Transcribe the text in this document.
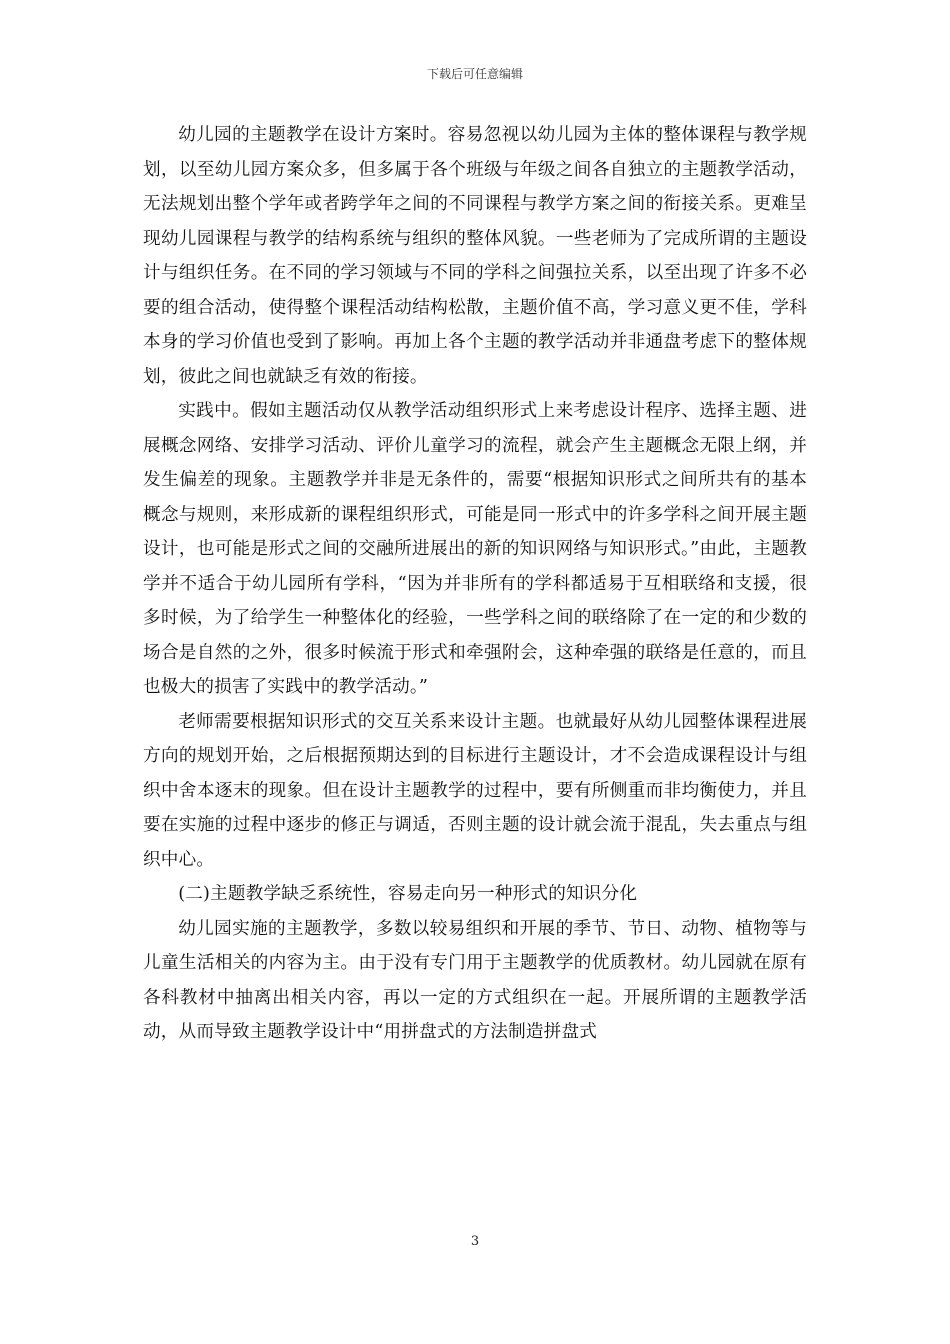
下载后可任意编辑

幼儿园的主题教学在设计方案时。容易忽视以幼儿园为主体的整体课程与教学规划，以至幼儿园方案众多，但多属于各个班级与年级之间各自独立的主题教学活动，无法规划出整个学年或者跨学年之间的不同课程与教学方案之间的衔接关系。更难呈现幼儿园课程与教学的结构系统与组织的整体风貌。一些老师为了完成所谓的主题设计与组织任务。在不同的学习领域与不同的学科之间强拉关系，以至出现了许多不必要的组合活动，使得整个课程活动结构松散，主题价值不高，学习意义更不佳，学科本身的学习价值也受到了影响。再加上各个主题的教学活动并非通盘考虑下的整体规划，彼此之间也就缺乏有效的衔接。

实践中。假如主题活动仅从教学活动组织形式上来考虑设计程序、选择主题、进展概念网络、安排学习活动、评价儿童学习的流程，就会产生主题概念无限上纲，并发生偏差的现象。主题教学并非是无条件的，需要“根据知识形式之间所共有的基本概念与规则，来形成新的课程组织形式，可能是同一形式中的许多学科之间开展主题设计，也可能是形式之间的交融所进展出的新的知识网络与知识形式。”由此，主题教学并不适合于幼儿园所有学科，“因为并非所有的学科都适易于互相联络和支援，很多时候，为了给学生一种整体化的经验，一些学科之间的联络除了在一定的和少数的场合是自然的之外，很多时候流于形式和牵强附会，这种牵强的联络是任意的，而且也极大的损害了实践中的教学活动。”

老师需要根据知识形式的交互关系来设计主题。也就最好从幼儿园整体课程进展方向的规划开始，之后根据预期达到的目标进行主题设计，才不会造成课程设计与组织中舍本逐末的现象。但在设计主题教学的过程中，要有所侧重而非均衡使力，并且要在实施的过程中逐步的修正与调适，否则主题的设计就会流于混乱，失去重点与组织中心。

(二)主题教学缺乏系统性，容易走向另一种形式的知识分化

幼儿园实施的主题教学，多数以较易组织和开展的季节、节日、动物、植物等与儿童生活相关的内容为主。由于没有专门用于主题教学的优质教材。幼儿园就在原有各科教材中抽离出相关内容，再以一定的方式组织在一起。开展所谓的主题教学活动，从而导致主题教学设计中“用拼盘式的方法制造拼盘式

3
